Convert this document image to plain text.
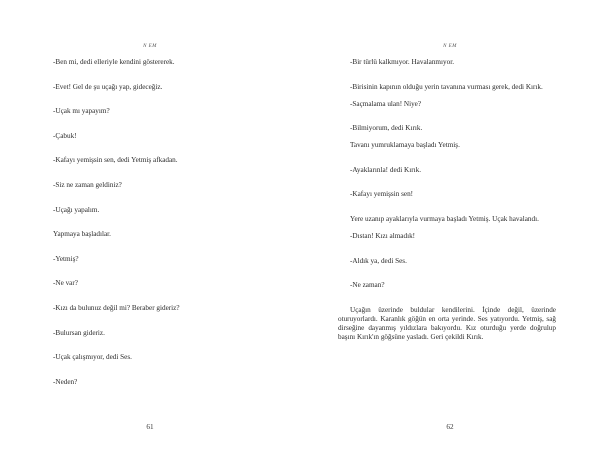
N EM

-Ben mi, dedi elleriyle kendini göstererek.

-Evet! Gel de şu uçağı yap, gideceğiz.

-Uçak mı yapayım?

-Çabuk!

-Kafayı yemişsin sen, dedi Yetmiş afkadan.

-Siz ne zaman geldiniz?

-Uçağı yapalım.

Yapmaya başladılar.

-Yetmiş?

-Ne var?

-Kızı da bulunuz değil mi? Beraber gideriz?

-Bulursan gideriz.

-Uçak çalışmıyor, dedi Ses.

-Neden?

61
N EM

-Bir türlü kalkmıyor. Havalanmıyor.

-Birisinin kapının olduğu yerin tavanına vurması gerek, dedi Kırık.

-Saçmalama ulan! Niye?

-Bilmiyorum, dedi Kırık.

Tavanı yumruklamaya başladı Yetmiş.

-Ayaklarınla! dedi Kırık.

-Kafayı yemişsin sen!

Yere uzanıp ayaklarıyla vurmaya başladı Yetmiş. Uçak havalandı.

-Dıstan! Kızı almadık!

-Aldık ya, dedi Ses.

-Ne zaman?

Uçağın üzerinde buldular kendilerini. İçinde değil, üzerinde oturuyorlardı. Karanlık göğün en orta yerinde. Ses yatıyordu. Yetmiş, sağ dirseğine dayanmış yıldızlara bakıyordu. Kız oturduğu yerde doğrulup başını Kırık'ın göğsüne yasladı. Geri çekildi Kırık.

62
